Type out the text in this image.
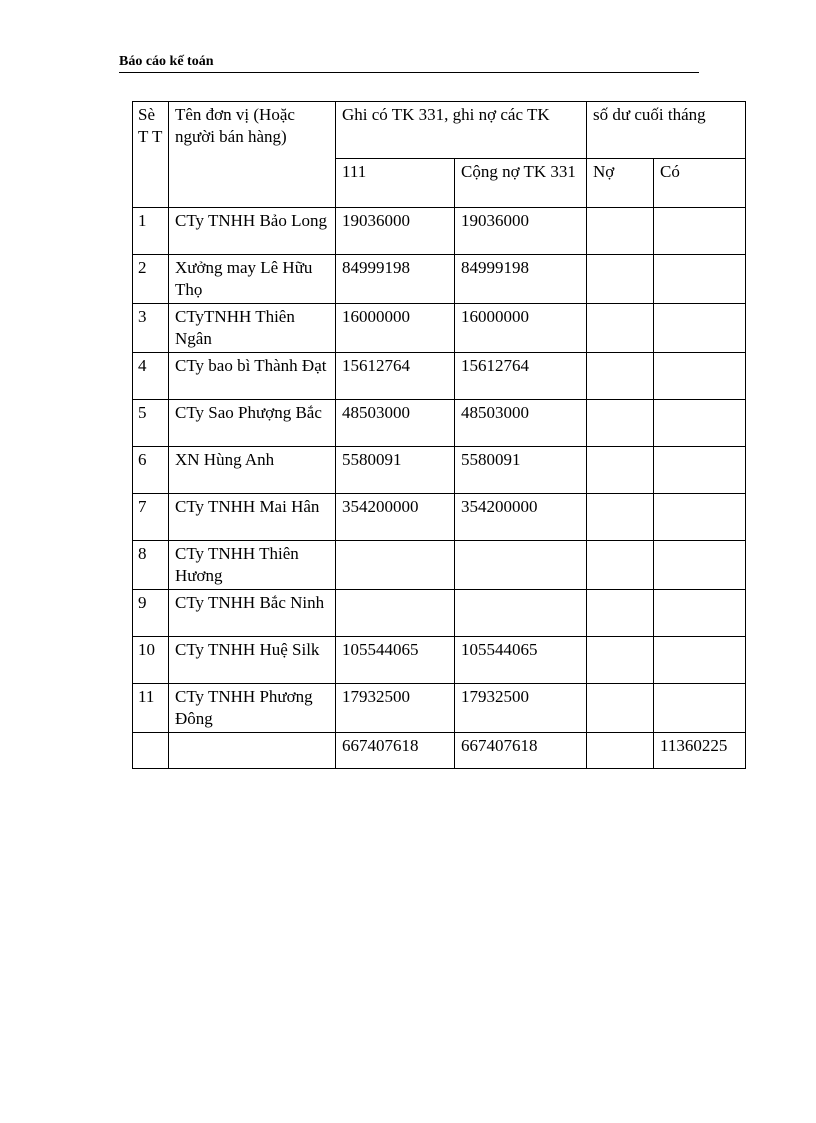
Báo cáo kế toán
Sè T T	Tên đơn vị (Hoặc người bán hàng)	Ghi có TK 331, ghi nợ các TK		số dư cuối tháng	
		111	Cộng nợ TK 331	Nợ	Có
1	CTy TNHH Bảo Long	19036000	19036000		
2	Xưởng may Lê Hữu Thọ	84999198	84999198		
3	CTyTNHH Thiên Ngân	16000000	16000000		
4	CTy bao bì Thành Đạt	15612764	15612764		
5	CTy Sao Phượng Bắc	48503000	48503000		
6	XN Hùng Anh	5580091	5580091		
7	CTy TNHH Mai Hân	354200000	354200000		
8	CTy TNHH Thiên Hương				
9	CTy TNHH Bắc Ninh				
10	CTy TNHH Huệ Silk	105544065	105544065		
11	CTy TNHH Phương Đông	17932500	17932500		
		667407618	667407618		11360225
